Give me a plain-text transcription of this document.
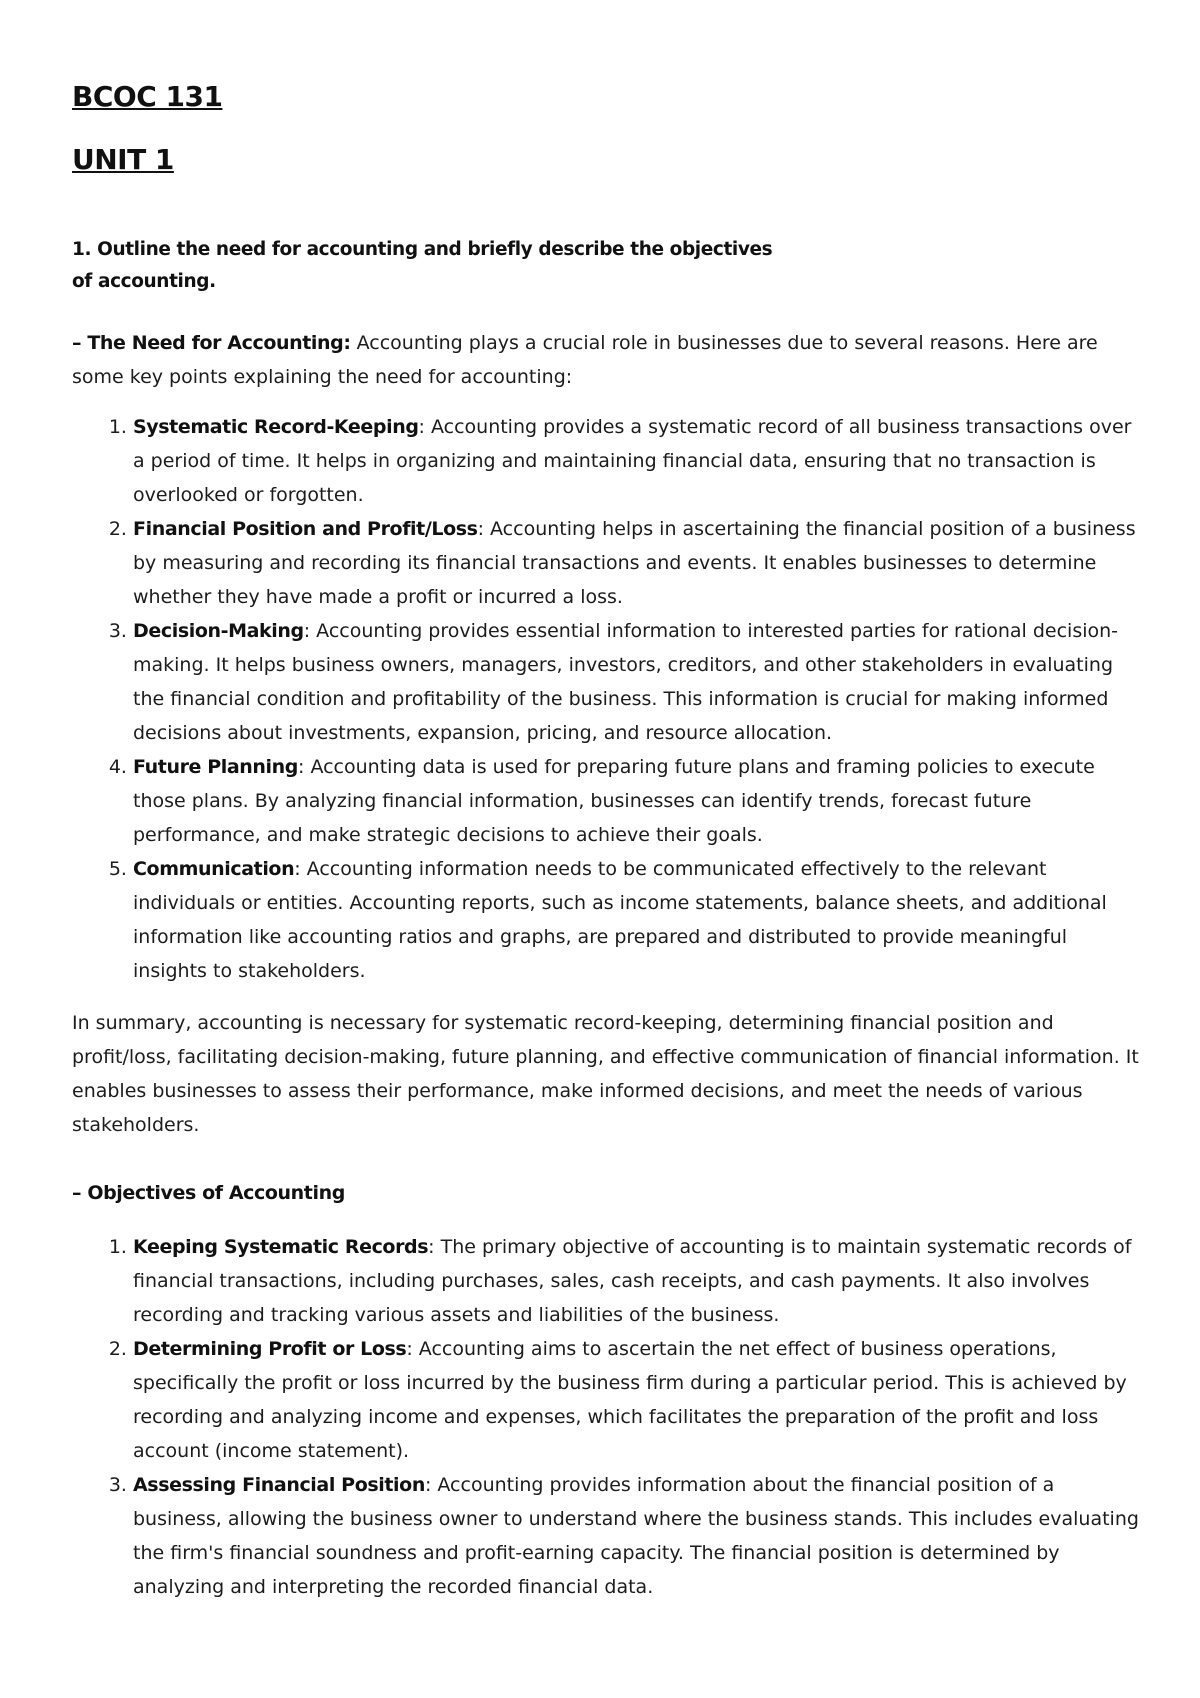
BCOC 131
UNIT 1
1. Outline the need for accounting and briefly describe the objectives of accounting.

– The Need for Accounting: Accounting plays a crucial role in businesses due to several reasons. Here are some key points explaining the need for accounting:

1. Systematic Record-Keeping: Accounting provides a systematic record of all business transactions over a period of time. It helps in organizing and maintaining financial data, ensuring that no transaction is overlooked or forgotten.
2. Financial Position and Profit/Loss: Accounting helps in ascertaining the financial position of a business by measuring and recording its financial transactions and events. It enables businesses to determine whether they have made a profit or incurred a loss.
3. Decision-Making: Accounting provides essential information to interested parties for rational decision-making. It helps business owners, managers, investors, creditors, and other stakeholders in evaluating the financial condition and profitability of the business. This information is crucial for making informed decisions about investments, expansion, pricing, and resource allocation.
4. Future Planning: Accounting data is used for preparing future plans and framing policies to execute those plans. By analyzing financial information, businesses can identify trends, forecast future performance, and make strategic decisions to achieve their goals.
5. Communication: Accounting information needs to be communicated effectively to the relevant individuals or entities. Accounting reports, such as income statements, balance sheets, and additional information like accounting ratios and graphs, are prepared and distributed to provide meaningful insights to stakeholders.

In summary, accounting is necessary for systematic record-keeping, determining financial position and profit/loss, facilitating decision-making, future planning, and effective communication of financial information. It enables businesses to assess their performance, make informed decisions, and meet the needs of various stakeholders.

– Objectives of Accounting

1. Keeping Systematic Records: The primary objective of accounting is to maintain systematic records of financial transactions, including purchases, sales, cash receipts, and cash payments. It also involves recording and tracking various assets and liabilities of the business.
2. Determining Profit or Loss: Accounting aims to ascertain the net effect of business operations, specifically the profit or loss incurred by the business firm during a particular period. This is achieved by recording and analyzing income and expenses, which facilitates the preparation of the profit and loss account (income statement).
3. Assessing Financial Position: Accounting provides information about the financial position of a business, allowing the business owner to understand where the business stands. This includes evaluating the firm's financial soundness and profit-earning capacity. The financial position is determined by analyzing and interpreting the recorded financial data.
